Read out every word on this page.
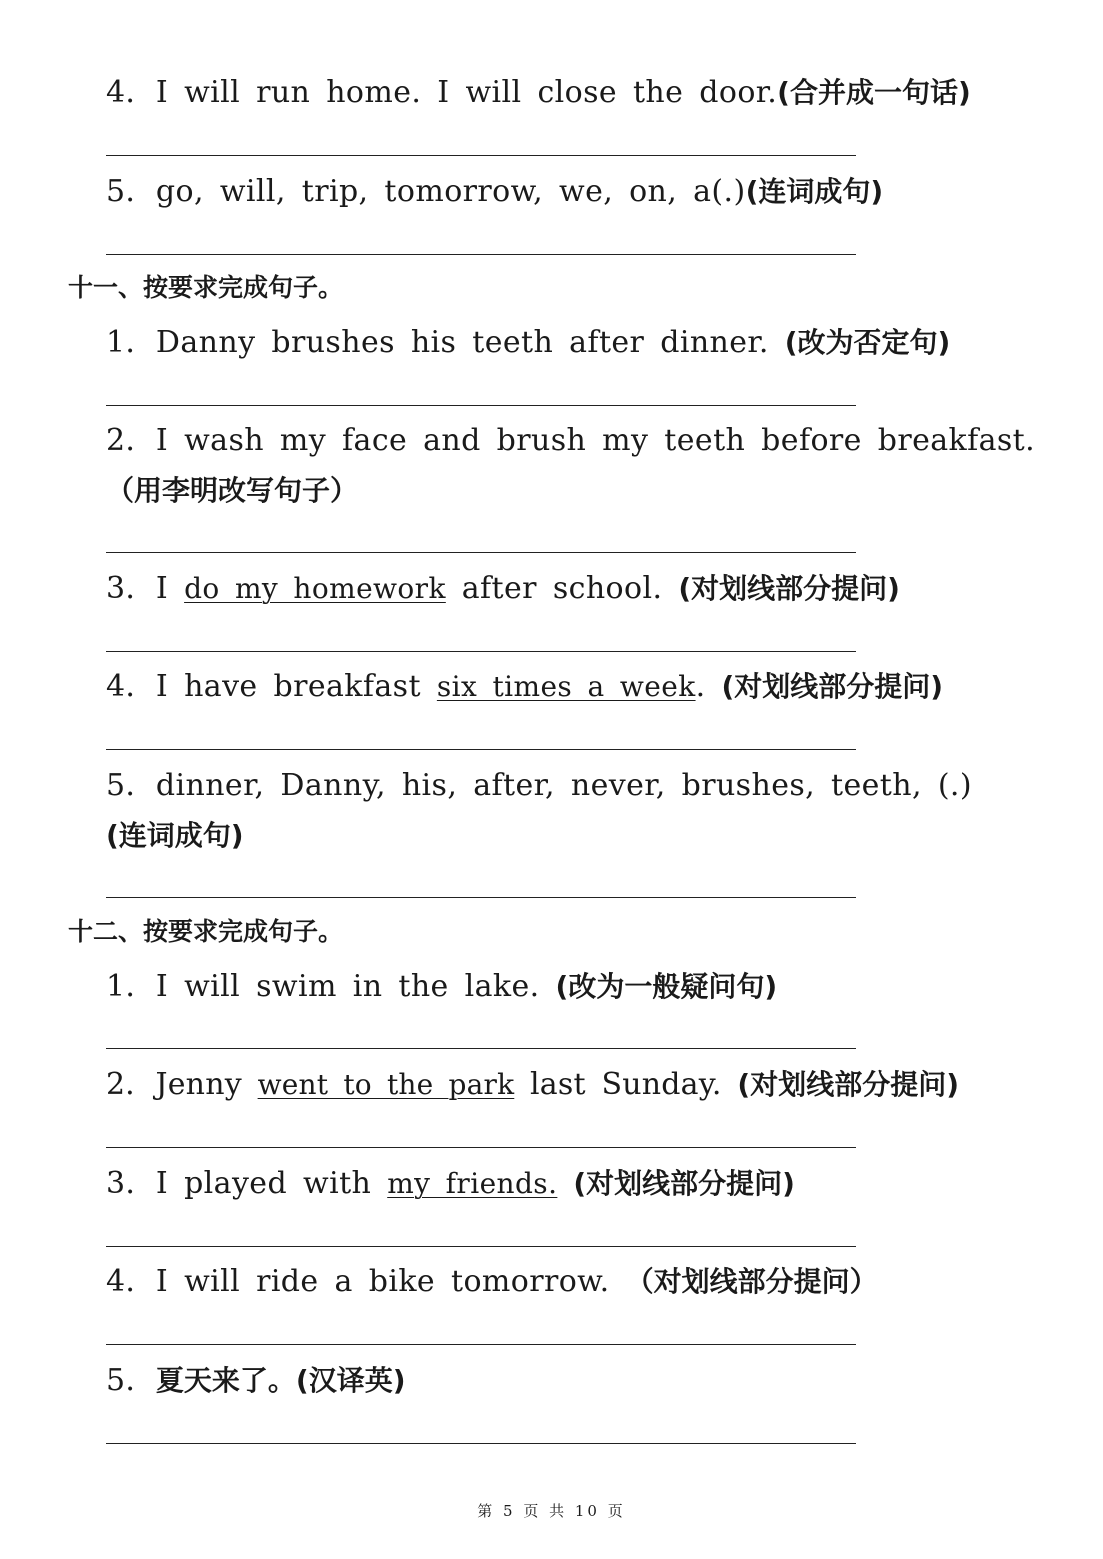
4．I will run home. I will close the door.(合并成一句话)
5．go, will, trip, tomorrow, we, on, a(.)(连词成句)
十一、按要求完成句子。
1．Danny brushes his teeth after dinner. (改为否定句)
2．I wash my face and brush my teeth before breakfast. （用李明改写句子）
3．I do my homework after school. (对划线部分提问)
4．I have breakfast six times a week. (对划线部分提问)
5．dinner, Danny, his, after, never, brushes, teeth, (.)
(连词成句)
十二、按要求完成句子。
1．I will swim in the lake. (改为一般疑问句)
2．Jenny went to the park last Sunday. (对划线部分提问)
3．I played with my friends. (对划线部分提问)
4．I will ride a bike tomorrow. （对划线部分提问）
5．夏天来了。(汉译英)
第 5 页 共 10 页
